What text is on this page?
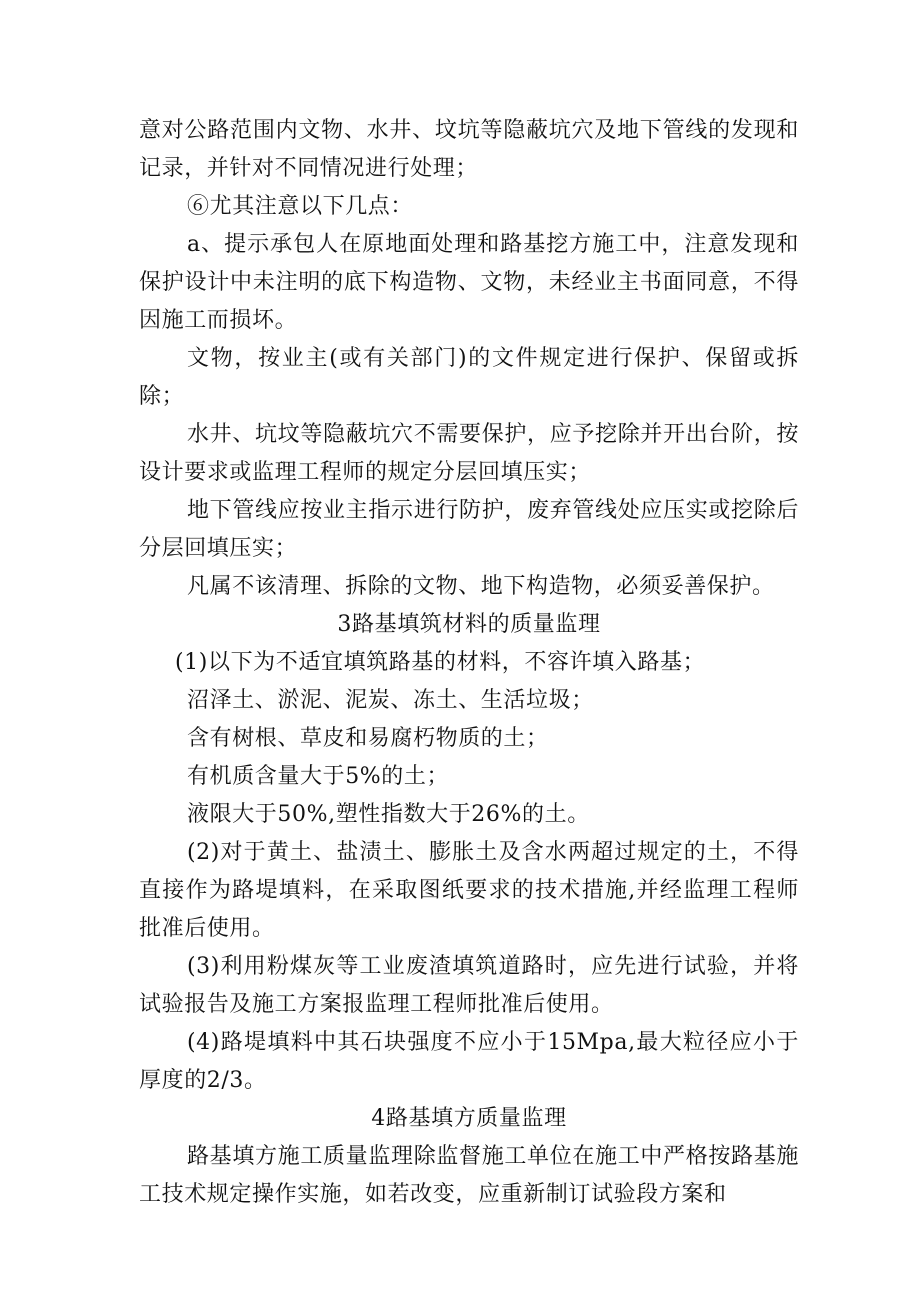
意对公路范围内文物、水井、坟坑等隐蔽坑穴及地下管线的发现和记录，并针对不同情况进行处理；

⑥尤其注意以下几点：

a、提示承包人在原地面处理和路基挖方施工中，注意发现和保护设计中未注明的底下构造物、文物，未经业主书面同意，不得因施工而损坏。

文物，按业主(或有关部门)的文件规定进行保护、保留或拆除；

水井、坑坟等隐蔽坑穴不需要保护，应予挖除并开出台阶，按设计要求或监理工程师的规定分层回填压实；

地下管线应按业主指示进行防护，废弃管线处应压实或挖除后分层回填压实；

凡属不该清理、拆除的文物、地下构造物，必须妥善保护。

3路基填筑材料的质量监理

(1)以下为不适宜填筑路基的材料，不容许填入路基；

沼泽土、淤泥、泥炭、冻土、生活垃圾；

含有树根、草皮和易腐朽物质的土；

有机质含量大于5%的土；

液限大于50%,塑性指数大于26%的土。

(2)对于黄土、盐渍土、膨胀土及含水两超过规定的土，不得直接作为路堤填料，在采取图纸要求的技术措施,并经监理工程师批准后使用。

(3)利用粉煤灰等工业废渣填筑道路时，应先进行试验，并将试验报告及施工方案报监理工程师批准后使用。

(4)路堤填料中其石块强度不应小于15Mpa,最大粒径应小于厚度的2/3。

4路基填方质量监理

路基填方施工质量监理除监督施工单位在施工中严格按路基施工技术规定操作实施，如若改变，应重新制订试验段方案和
